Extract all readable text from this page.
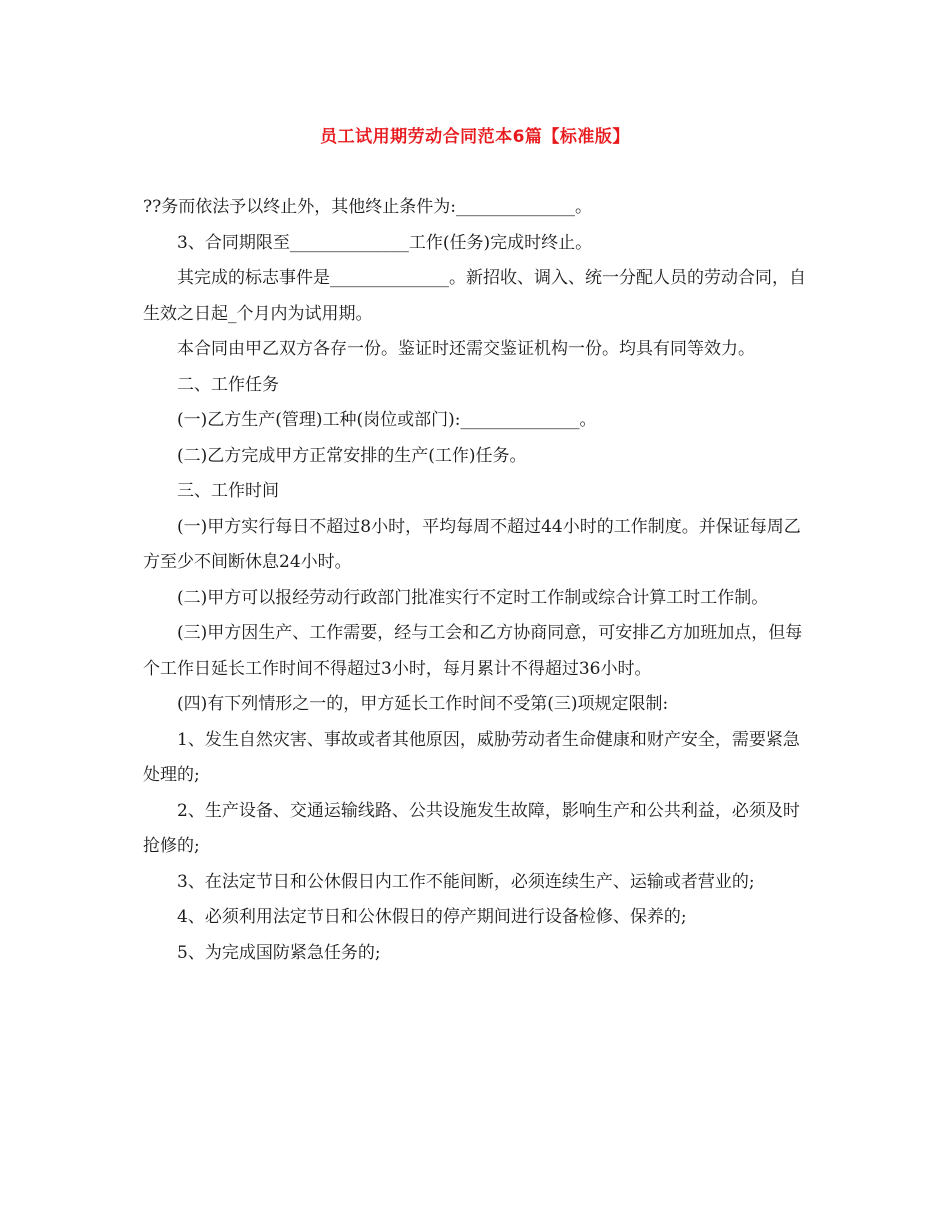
员工试用期劳动合同范本6篇【标准版】

??务而依法予以终止外，其他终止条件为:______________。

3、合同期限至______________工作(任务)完成时终止。

其完成的标志事件是______________。新招收、调入、统一分配人员的劳动合同，自生效之日起_个月内为试用期。

本合同由甲乙双方各存一份。鉴证时还需交鉴证机构一份。均具有同等效力。

二、工作任务

(一)乙方生产(管理)工种(岗位或部门):______________。

(二)乙方完成甲方正常安排的生产(工作)任务。

三、工作时间

(一)甲方实行每日不超过8小时，平均每周不超过44小时的工作制度。并保证每周乙方至少不间断休息24小时。

(二)甲方可以报经劳动行政部门批准实行不定时工作制或综合计算工时工作制。

(三)甲方因生产、工作需要，经与工会和乙方协商同意，可安排乙方加班加点，但每个工作日延长工作时间不得超过3小时，每月累计不得超过36小时。

(四)有下列情形之一的，甲方延长工作时间不受第(三)项规定限制:

1、发生自然灾害、事故或者其他原因，威胁劳动者生命健康和财产安全，需要紧急处理的;

2、生产设备、交通运输线路、公共设施发生故障，影响生产和公共利益，必须及时抢修的;

3、在法定节日和公休假日内工作不能间断，必须连续生产、运输或者营业的;

4、必须利用法定节日和公休假日的停产期间进行设备检修、保养的;

5、为完成国防紧急任务的;
